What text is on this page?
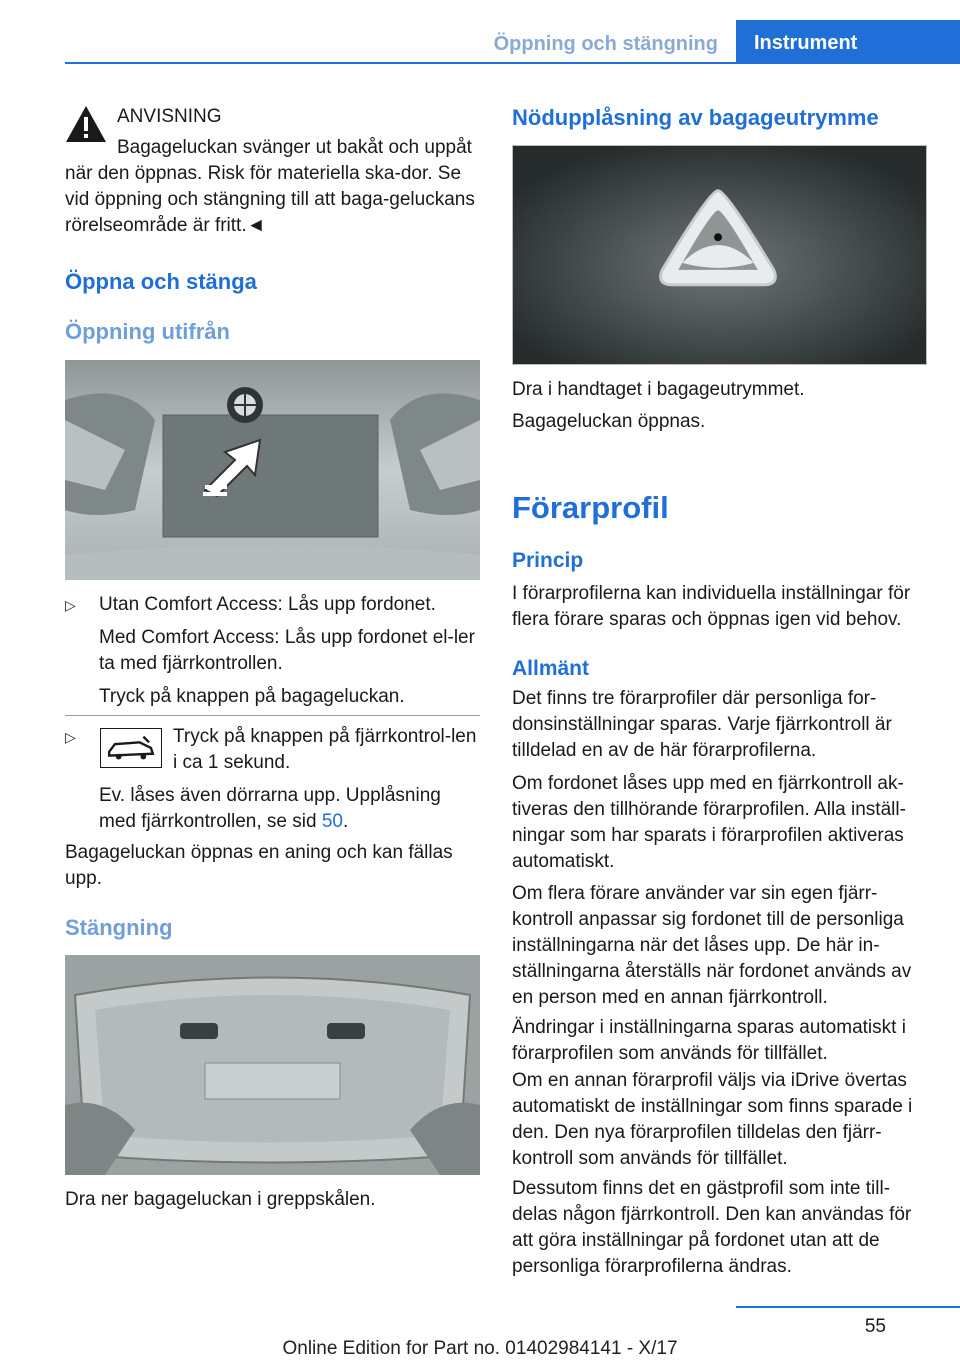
Öppning och stängning	Instrument
ANVISNING

Bagageluckan svänger ut bakåt och uppåt när den öppnas. Risk för materiella ska-dor. Se vid öppning och stängning till att baga-geluckans rörelseområde är fritt.◄

Öppna och stänga
Öppning utifrån
▷ Utan Comfort Access: Lås upp fordonet.

Med Comfort Access: Lås upp fordonet el-ler ta med fjärrkontrollen.

Tryck på knappen på bagageluckan.

▷	Tryck på knappen på fjärrkontrol-len i ca 1 sekund.

Ev. låses även dörrarna upp. Upplåsning med fjärrkontrollen, se sid 50.

Bagageluckan öppnas en aning och kan fällas upp.

Stängning

Dra ner bagageluckan i greppskålen.

Nödupplåsning av bagageutrymme

Dra i handtaget i bagageutrymmet.

Bagageluckan öppnas.

Förarprofil
Princip

I förarprofilerna kan individuella inställningar för flera förare sparas och öppnas igen vid behov.

Allmänt

Det finns tre förarprofiler där personliga for-donsinställningar sparas. Varje fjärrkontroll är tilldelad en av de här förarprofilerna.

Om fordonet låses upp med en fjärrkontroll ak-tiveras den tillhörande förarprofilen. Alla inställ-ningar som har sparats i förarprofilen aktiveras automatiskt.

Om flera förare använder var sin egen fjärr-kontroll anpassar sig fordonet till de personliga inställningarna när det låses upp. De här in-ställningarna återställs när fordonet används av en person med en annan fjärrkontroll.

Ändringar i inställningarna sparas automatiskt i förarprofilen som används för tillfället.

Om en annan förarprofil väljs via iDrive övertas automatiskt de inställningar som finns sparade i den. Den nya förarprofilen tilldelas den fjärr-kontroll som används för tillfället.

Dessutom finns det en gästprofil som inte till-delas någon fjärrkontroll. Den kan användas för att göra inställningar på fordonet utan att de personliga förarprofilerna ändras.

55
Online Edition for Part no. 01402984141 - X/17
